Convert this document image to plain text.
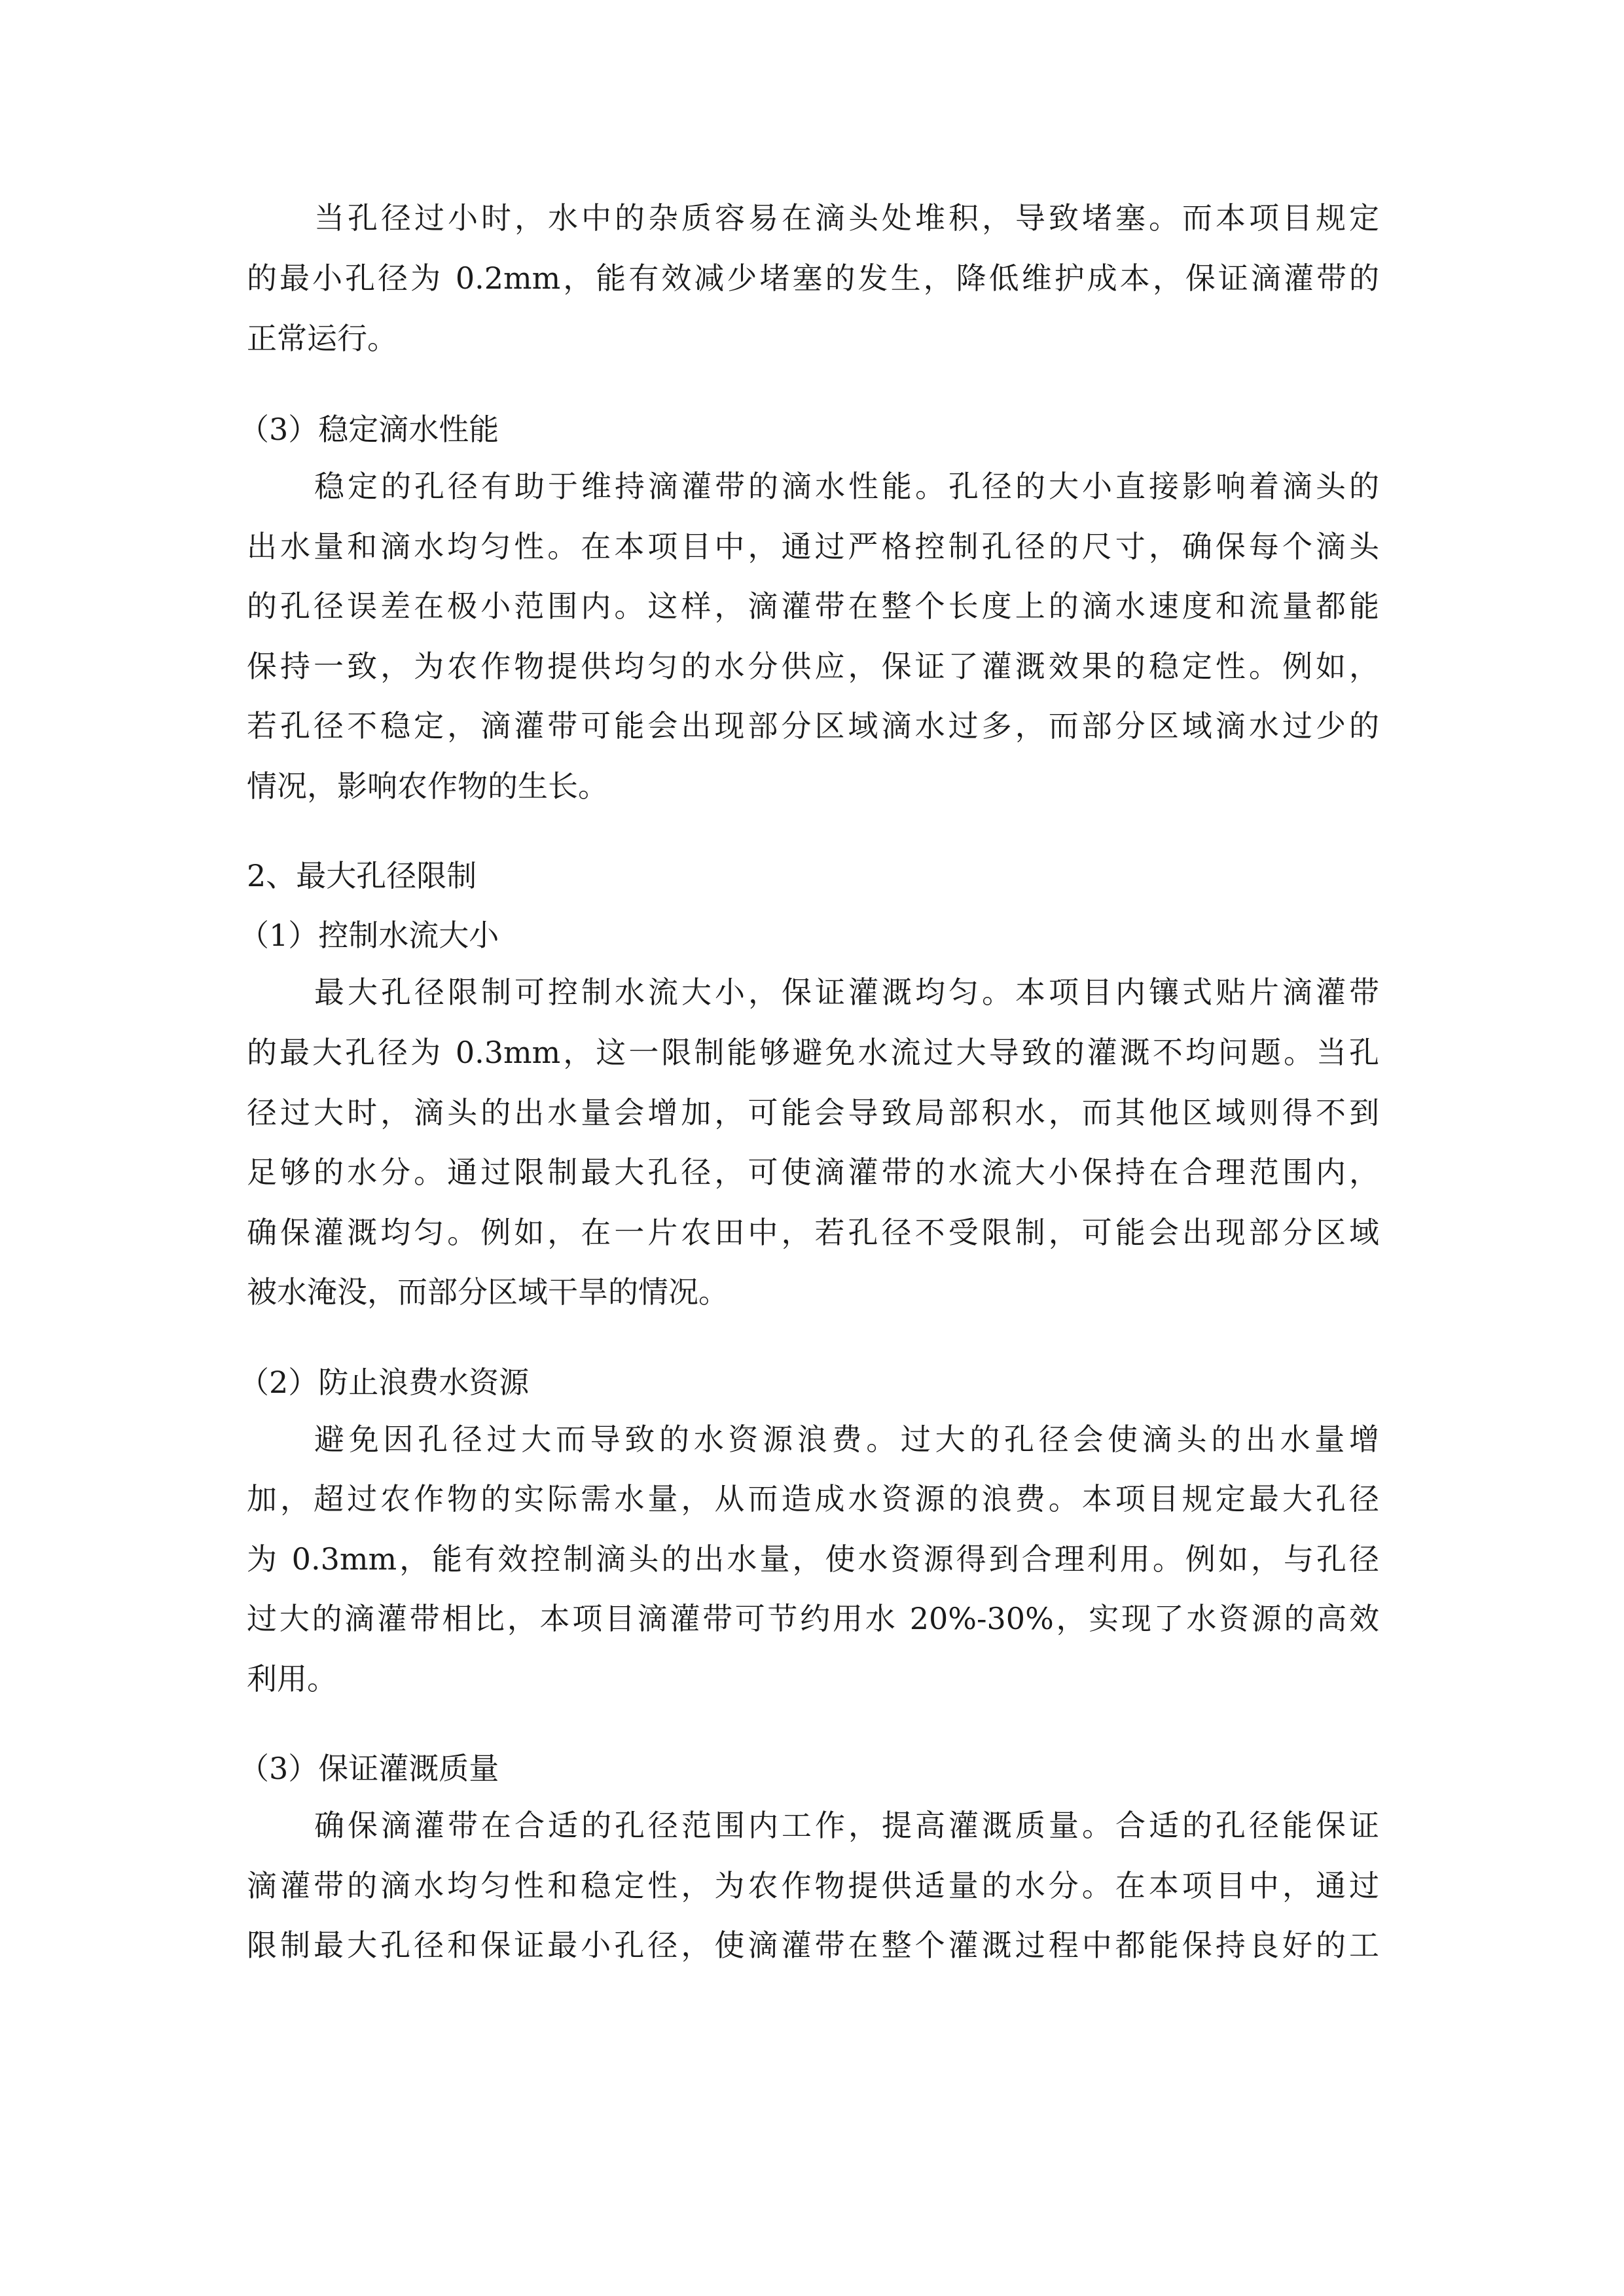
当孔径过小时，水中的杂质容易在滴头处堆积，导致堵塞。而本项目规定

的最小孔径为 0.2mm，能有效减少堵塞的发生，降低维护成本，保证滴灌带的

正常运行。

（3）稳定滴水性能

稳定的孔径有助于维持滴灌带的滴水性能。孔径的大小直接影响着滴头的

出水量和滴水均匀性。在本项目中，通过严格控制孔径的尺寸，确保每个滴头

的孔径误差在极小范围内。这样，滴灌带在整个长度上的滴水速度和流量都能

保持一致，为农作物提供均匀的水分供应，保证了灌溉效果的稳定性。例如，

若孔径不稳定，滴灌带可能会出现部分区域滴水过多，而部分区域滴水过少的

情况，影响农作物的生长。

2、最大孔径限制

（1）控制水流大小

最大孔径限制可控制水流大小，保证灌溉均匀。本项目内镶式贴片滴灌带

的最大孔径为 0.3mm，这一限制能够避免水流过大导致的灌溉不均问题。当孔

径过大时，滴头的出水量会增加，可能会导致局部积水，而其他区域则得不到

足够的水分。通过限制最大孔径，可使滴灌带的水流大小保持在合理范围内，

确保灌溉均匀。例如，在一片农田中，若孔径不受限制，可能会出现部分区域

被水淹没，而部分区域干旱的情况。

（2）防止浪费水资源

避免因孔径过大而导致的水资源浪费。过大的孔径会使滴头的出水量增

加，超过农作物的实际需水量，从而造成水资源的浪费。本项目规定最大孔径

为 0.3mm，能有效控制滴头的出水量，使水资源得到合理利用。例如，与孔径

过大的滴灌带相比，本项目滴灌带可节约用水 20%-30%，实现了水资源的高效

利用。

（3）保证灌溉质量

确保滴灌带在合适的孔径范围内工作，提高灌溉质量。合适的孔径能保证

滴灌带的滴水均匀性和稳定性，为农作物提供适量的水分。在本项目中，通过

限制最大孔径和保证最小孔径，使滴灌带在整个灌溉过程中都能保持良好的工
